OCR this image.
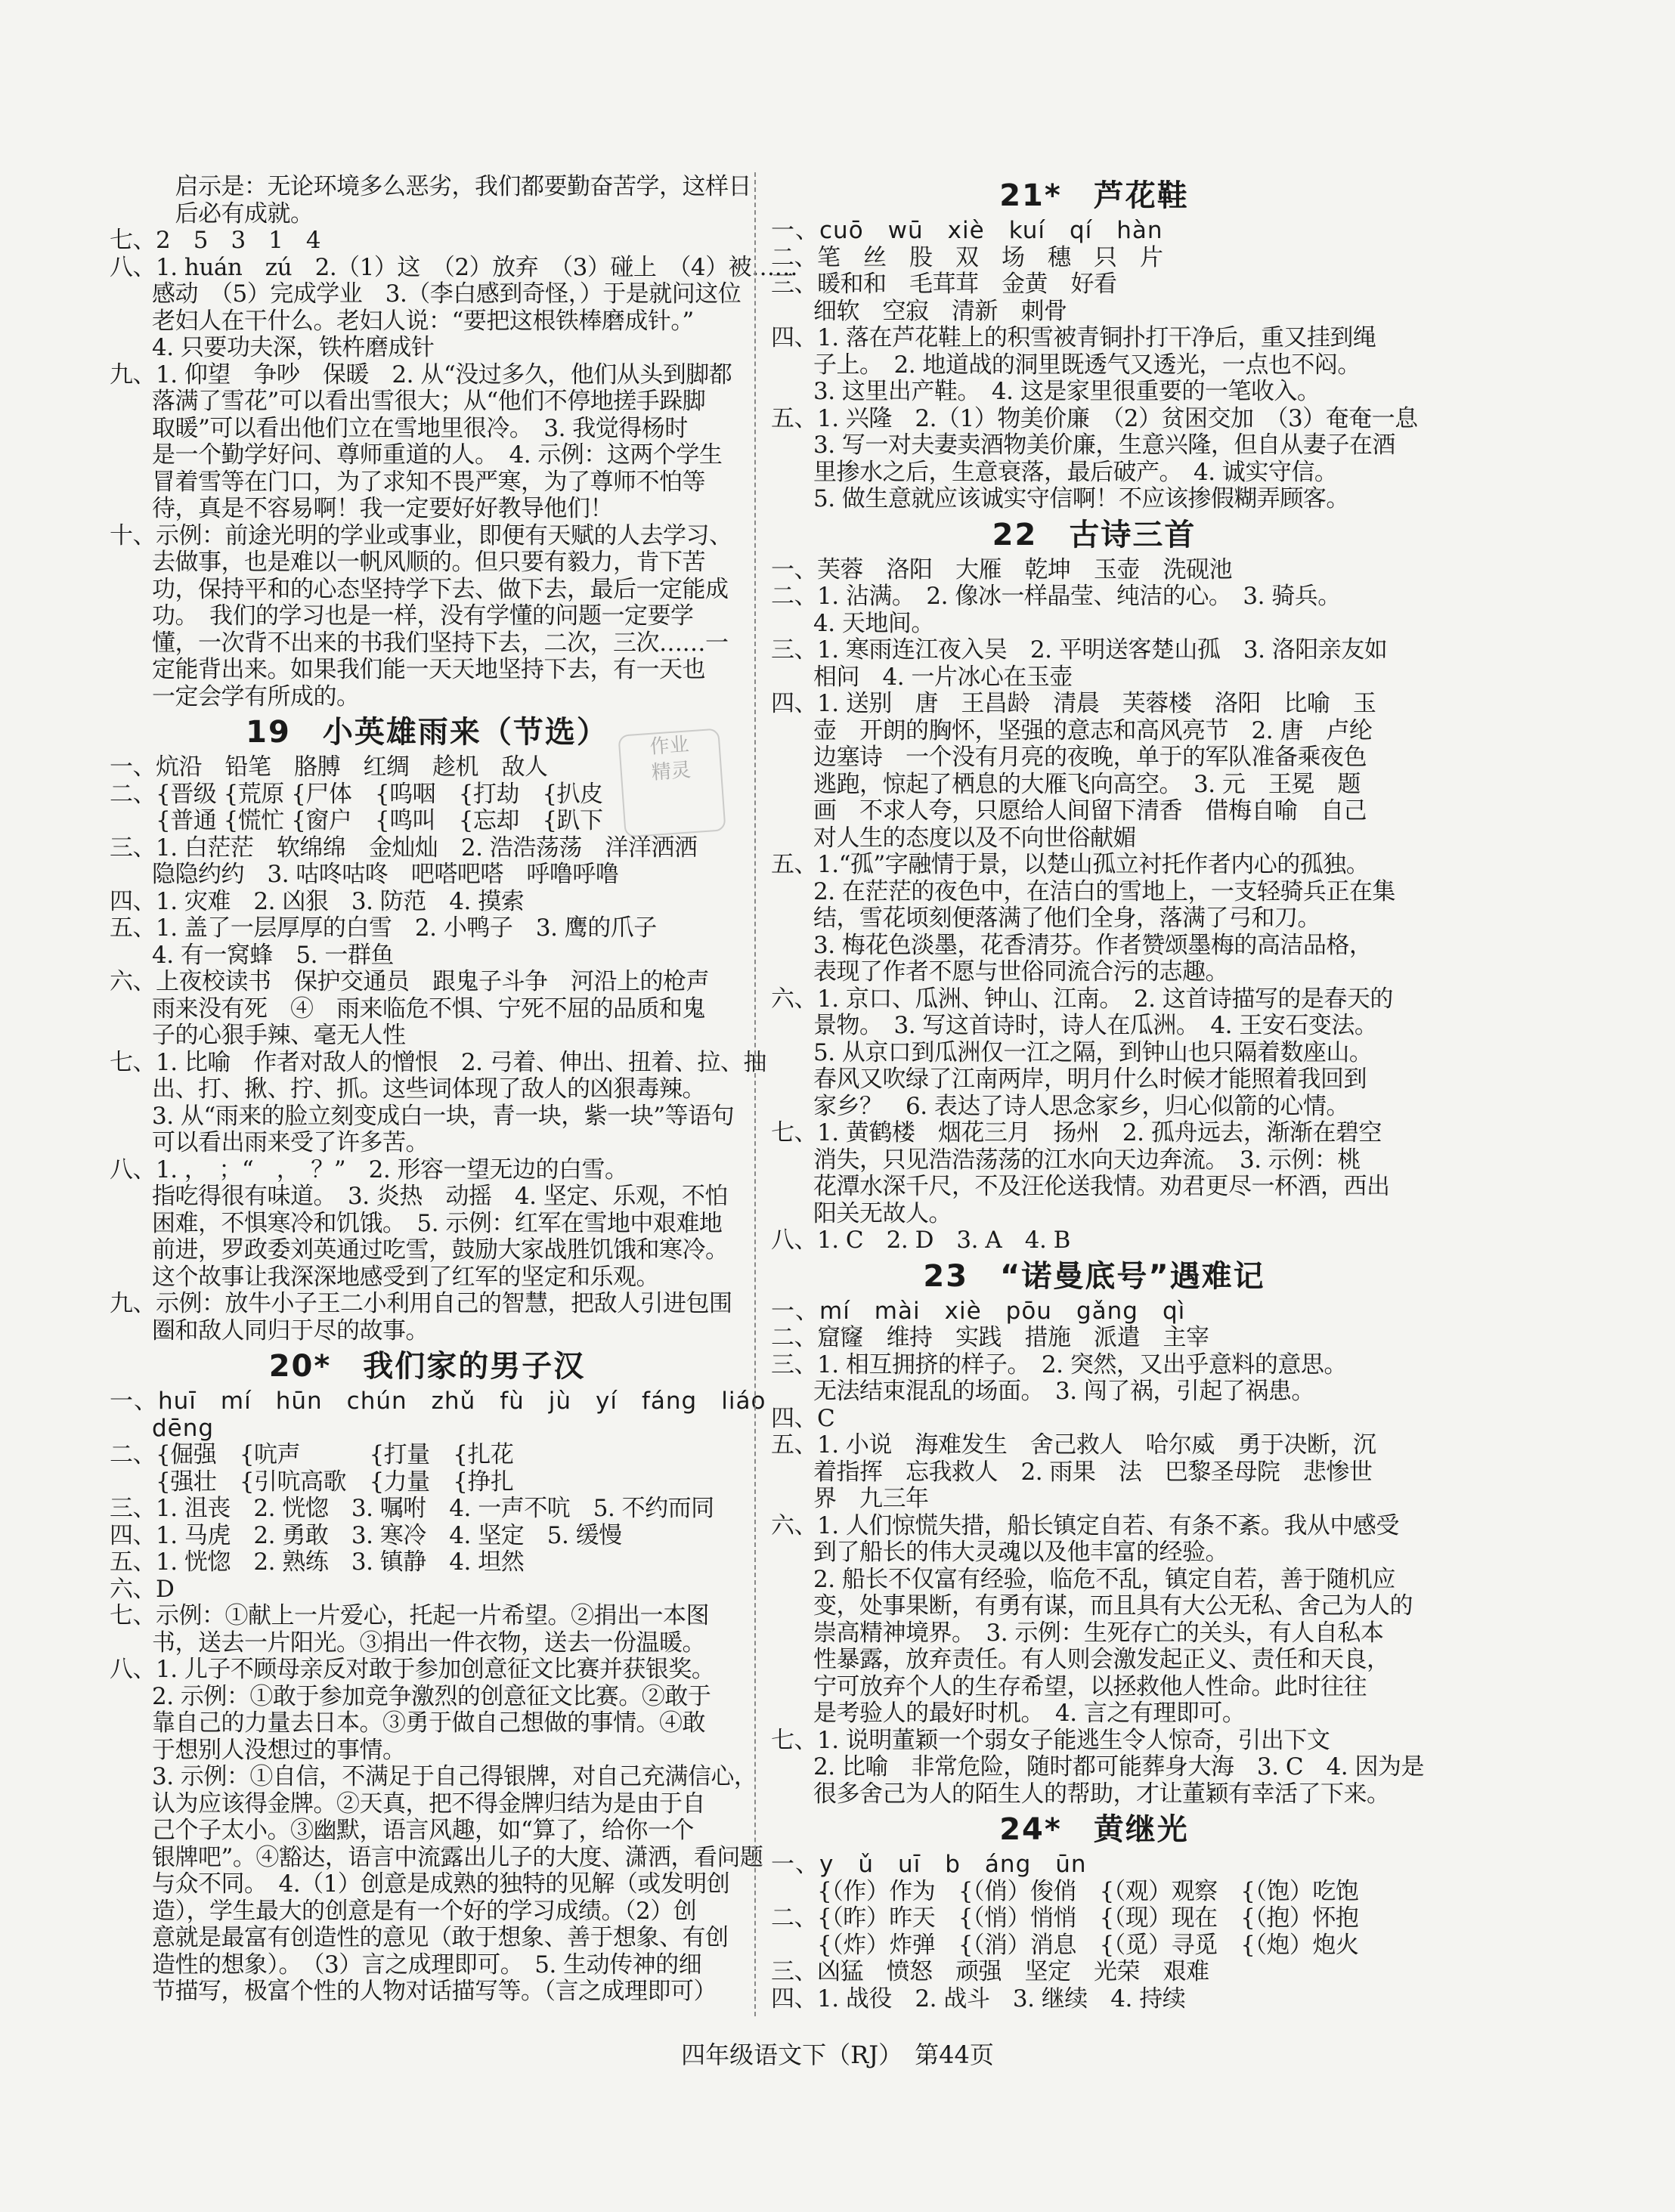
　启示是：无论环境多么恶劣，我们都要勤奋苦学，这样日
　后必有成就。
七、2　5　3　1　4
八、1. huán　zú　2.（1）这　（2）放弃　（3）碰上　（4）被……
感动　（5）完成学业　3.（李白感到奇怪，）于是就问这位
老妇人在干什么。老妇人说：“要把这根铁棒磨成针。”
4. 只要功夫深，铁杵磨成针
九、1. 仰望　争吵　保暖　2. 从“没过多久，他们从头到脚都
落满了雪花”可以看出雪很大；从“他们不停地搓手跺脚
取暖”可以看出他们立在雪地里很冷。　3. 我觉得杨时
是一个勤学好问、尊师重道的人。　4. 示例：这两个学生
冒着雪等在门口，为了求知不畏严寒，为了尊师不怕等
待，真是不容易啊！我一定要好好教导他们！
十、示例：前途光明的学业或事业，即便有天赋的人去学习、
去做事，也是难以一帆风顺的。但只要有毅力，肯下苦
功，保持平和的心态坚持学下去、做下去，最后一定能成
功。　我们的学习也是一样，没有学懂的问题一定要学
懂，一次背不出来的书我们坚持下去，二次，三次……一
定能背出来。如果我们能一天天地坚持下去，有一天也
一定会学有所成的。
19　小英雄雨来（节选）
一、炕沿　铅笔　胳膊　红绸　趁机　敌人
二、{晋级 {荒原 {尸体　{呜咽　{打劫　{扒皮
　　{普通 {慌忙 {窗户　{鸣叫　{忘却　{趴下
三、1. 白茫茫　软绵绵　金灿灿　2. 浩浩荡荡　洋洋洒洒
隐隐约约　3. 咕咚咕咚　吧嗒吧嗒　呼噜呼噜
四、1. 灾难　2. 凶狠　3. 防范　4. 摸索
五、1. 盖了一层厚厚的白雪　2. 小鸭子　3. 鹰的爪子
4. 有一窝蜂　5. 一群鱼
六、上夜校读书　保护交通员　跟鬼子斗争　河沿上的枪声
雨来没有死　④　雨来临危不惧、宁死不屈的品质和鬼
子的心狠手辣、毫无人性
七、1. 比喻　作者对敌人的憎恨　2. 弓着、伸出、扭着、拉、抽
出、打、揪、拧、抓。这些词体现了敌人的凶狠毒辣。
3. 从“雨来的脸立刻变成白一块，青一块，紫一块”等语句
可以看出雨来受了许多苦。
八、1. ，　；“　，　？”　2. 形容一望无边的白雪。
指吃得很有味道。　3. 炎热　动摇　4. 坚定、乐观，不怕
困难，不惧寒冷和饥饿。　5. 示例：红军在雪地中艰难地
前进，罗政委刘英通过吃雪，鼓励大家战胜饥饿和寒冷。
这个故事让我深深地感受到了红军的坚定和乐观。
九、示例：放牛小子王二小利用自己的智慧，把敌人引进包围
圈和敌人同归于尽的故事。
20*　我们家的男子汉
一、huī　mí　hūn　chún　zhǔ　fù　jù　yí　fáng　liáo
dēng
二、{倔强　{吭声　　　{打量　{扎花
　　{强壮　{引吭高歌　{力量　{挣扎
三、1. 沮丧　2. 恍惚　3. 嘱咐　4. 一声不吭　5. 不约而同
四、1. 马虎　2. 勇敢　3. 寒冷　4. 坚定　5. 缓慢
五、1. 恍惚　2. 熟练　3. 镇静　4. 坦然
六、D
七、示例：①献上一片爱心，托起一片希望。②捐出一本图
书，送去一片阳光。③捐出一件衣物，送去一份温暖。
八、1. 儿子不顾母亲反对敢于参加创意征文比赛并获银奖。
2. 示例：①敢于参加竞争激烈的创意征文比赛。②敢于
靠自己的力量去日本。③勇于做自己想做的事情。④敢
于想别人没想过的事情。
3. 示例：①自信，不满足于自己得银牌，对自己充满信心，
认为应该得金牌。②天真，把不得金牌归结为是由于自
己个子太小。③幽默，语言风趣，如“算了，给你一个
银牌吧”。④豁达，语言中流露出儿子的大度、潇洒，看问题
与众不同。　4.（1）创意是成熟的独特的见解（或发明创
造），学生最大的创意是有一个好的学习成绩。（2）创
意就是最富有创造性的意见（敢于想象、善于想象、有创
造性的想象）。　（3）言之成理即可。　5. 生动传神的细
节描写，极富个性的人物对话描写等。（言之成理即可）
21*　芦花鞋
一、cuō　wū　xiè　kuí　qí　hàn
二、笔　丝　股　双　场　穗　只　片
三、暖和和　毛茸茸　金黄　好看
细软　空寂　清新　刺骨
四、1. 落在芦花鞋上的积雪被青铜扑打干净后，重又挂到绳
子上。　2. 地道战的洞里既透气又透光，一点也不闷。
3. 这里出产鞋。　4. 这是家里很重要的一笔收入。
五、1. 兴隆　2.（1）物美价廉　（2）贫困交加　（3）奄奄一息
3. 写一对夫妻卖酒物美价廉，生意兴隆，但自从妻子在酒
里掺水之后，生意衰落，最后破产。　4. 诚实守信。
5. 做生意就应该诚实守信啊！不应该掺假糊弄顾客。
22　古诗三首
一、芙蓉　洛阳　大雁　乾坤　玉壶　洗砚池
二、1. 沾满。　2. 像冰一样晶莹、纯洁的心。　3. 骑兵。
4. 天地间。
三、1. 寒雨连江夜入吴　2. 平明送客楚山孤　3. 洛阳亲友如
相问　4. 一片冰心在玉壶
四、1. 送别　唐　王昌龄　清晨　芙蓉楼　洛阳　比喻　玉
壶　开朗的胸怀，坚强的意志和高风亮节　2. 唐　卢纶
边塞诗　一个没有月亮的夜晚，单于的军队准备乘夜色
逃跑，惊起了栖息的大雁飞向高空。　3. 元　王冕　题
画　不求人夸，只愿给人间留下清香　借梅自喻　自己
对人生的态度以及不向世俗献媚
五、1.“孤”字融情于景，以楚山孤立衬托作者内心的孤独。
2. 在茫茫的夜色中，在洁白的雪地上，一支轻骑兵正在集
结，雪花顷刻便落满了他们全身，落满了弓和刀。
3. 梅花色淡墨，花香清芬。作者赞颂墨梅的高洁品格，
表现了作者不愿与世俗同流合污的志趣。
六、1. 京口、瓜洲、钟山、江南。　2. 这首诗描写的是春天的
景物。　3. 写这首诗时，诗人在瓜洲。　4. 王安石变法。
5. 从京口到瓜洲仅一江之隔，到钟山也只隔着数座山。
春风又吹绿了江南两岸，明月什么时候才能照着我回到
家乡？　6. 表达了诗人思念家乡，归心似箭的心情。
七、1. 黄鹤楼　烟花三月　扬州　2. 孤舟远去，渐渐在碧空
消失，只见浩浩荡荡的江水向天边奔流。　3. 示例：桃
花潭水深千尺，不及汪伦送我情。劝君更尽一杯酒，西出
阳关无故人。
八、1. C　2. D　3. A　4. B
23　“诺曼底号”遇难记
一、mí　mài　xiè　pōu　gǎng　qì
二、窟窿　维持　实践　措施　派遣　主宰
三、1. 相互拥挤的样子。　2. 突然，又出乎意料的意思。
无法结束混乱的场面。　3. 闯了祸，引起了祸患。
四、C
五、1. 小说　海难发生　舍己救人　哈尔威　勇于决断，沉
着指挥　忘我救人　2. 雨果　法　巴黎圣母院　悲惨世
界　九三年
六、1. 人们惊慌失措，船长镇定自若、有条不紊。我从中感受
到了船长的伟大灵魂以及他丰富的经验。
2. 船长不仅富有经验，临危不乱，镇定自若，善于随机应
变，处事果断，有勇有谋，而且具有大公无私、舍己为人的
崇高精神境界。　3. 示例：生死存亡的关头，有人自私本
性暴露，放弃责任。有人则会激发起正义、责任和天良，
宁可放弃个人的生存希望，以拯救他人性命。此时往往
是考验人的最好时机。　4. 言之有理即可。
七、1. 说明董颖一个弱女子能逃生令人惊奇，引出下文
2. 比喻　非常危险，随时都可能葬身大海　3. C　4. 因为是
很多舍己为人的陌生人的帮助，才让董颖有幸活了下来。
24*　黄继光
一、y　ǔ　uī　b　áng　ūn
　　{（作）作为　{（俏）俊俏　{（观）观察　{（饱）吃饱
二、{（昨）昨天　{（悄）悄悄　{（现）现在　{（抱）怀抱
　　{（炸）炸弹　{（消）消息　{（觅）寻觅　{（炮）炮火
三、凶猛　愤怒　顽强　坚定　光荣　艰难
四、1. 战役　2. 战斗　3. 继续　4. 持续
作业
精灵
四年级语文下（RJ）　第44页
